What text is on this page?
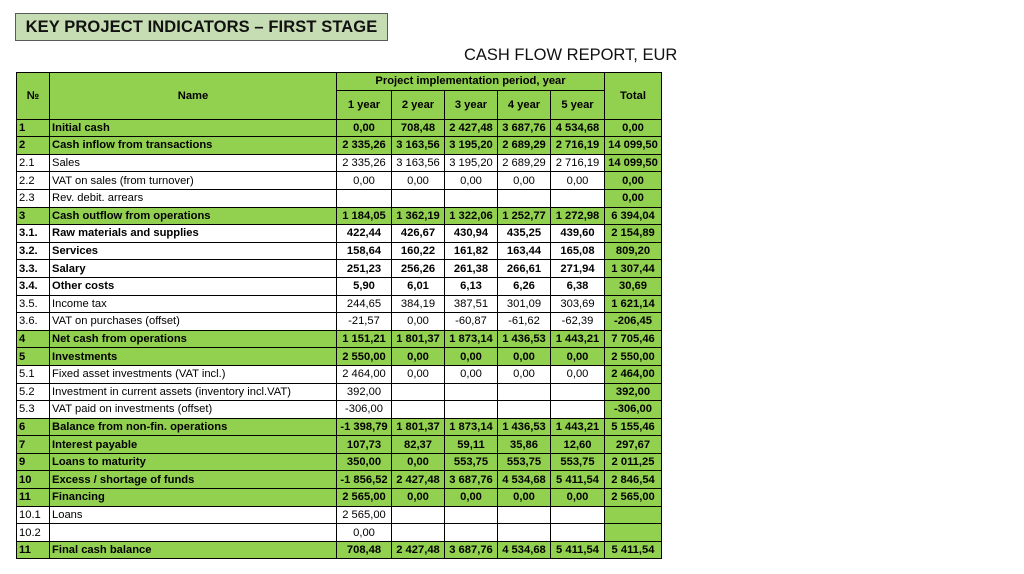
KEY PROJECT INDICATORS – FIRST STAGE
CASH FLOW REPORT, EUR
№	Name	Project implementation period, year					Total
		1 year	2 year	3 year	4 year	5 year	
1	Initial cash	0,00	708,48	2 427,48	3 687,76	4 534,68	0,00
2	Cash inflow from transactions	2 335,26	3 163,56	3 195,20	2 689,29	2 716,19	14 099,50
2.1	Sales	2 335,26	3 163,56	3 195,20	2 689,29	2 716,19	14 099,50
2.2	VAT on sales (from turnover)	0,00	0,00	0,00	0,00	0,00	0,00
2.3	Rev. debit. arrears						0,00
3	Cash outflow from operations	1 184,05	1 362,19	1 322,06	1 252,77	1 272,98	6 394,04
3.1.	Raw materials and supplies	422,44	426,67	430,94	435,25	439,60	2 154,89
3.2.	Services	158,64	160,22	161,82	163,44	165,08	809,20
3.3.	Salary	251,23	256,26	261,38	266,61	271,94	1 307,44
3.4.	Other costs	5,90	6,01	6,13	6,26	6,38	30,69
3.5.	Income tax	244,65	384,19	387,51	301,09	303,69	1 621,14
3.6.	VAT on purchases (offset)	-21,57	0,00	-60,87	-61,62	-62,39	-206,45
4	Net cash from operations	1 151,21	1 801,37	1 873,14	1 436,53	1 443,21	7 705,46
5	Investments	2 550,00	0,00	0,00	0,00	0,00	2 550,00
5.1	Fixed asset investments (VAT incl.)	2 464,00	0,00	0,00	0,00	0,00	2 464,00
5.2	Investment in current assets (inventory incl.VAT)	392,00					392,00
5.3	VAT paid on investments (offset)	-306,00					-306,00
6	Balance from non-fin. operations	-1 398,79	1 801,37	1 873,14	1 436,53	1 443,21	5 155,46
7	Interest payable	107,73	82,37	59,11	35,86	12,60	297,67
9	Loans to maturity	350,00	0,00	553,75	553,75	553,75	2 011,25
10	Excess / shortage of funds	-1 856,52	2 427,48	3 687,76	4 534,68	5 411,54	2 846,54
11	Financing	2 565,00	0,00	0,00	0,00	0,00	2 565,00
10.1	Loans	2 565,00					
10.2		0,00					
11	Final cash balance	708,48	2 427,48	3 687,76	4 534,68	5 411,54	5 411,54
